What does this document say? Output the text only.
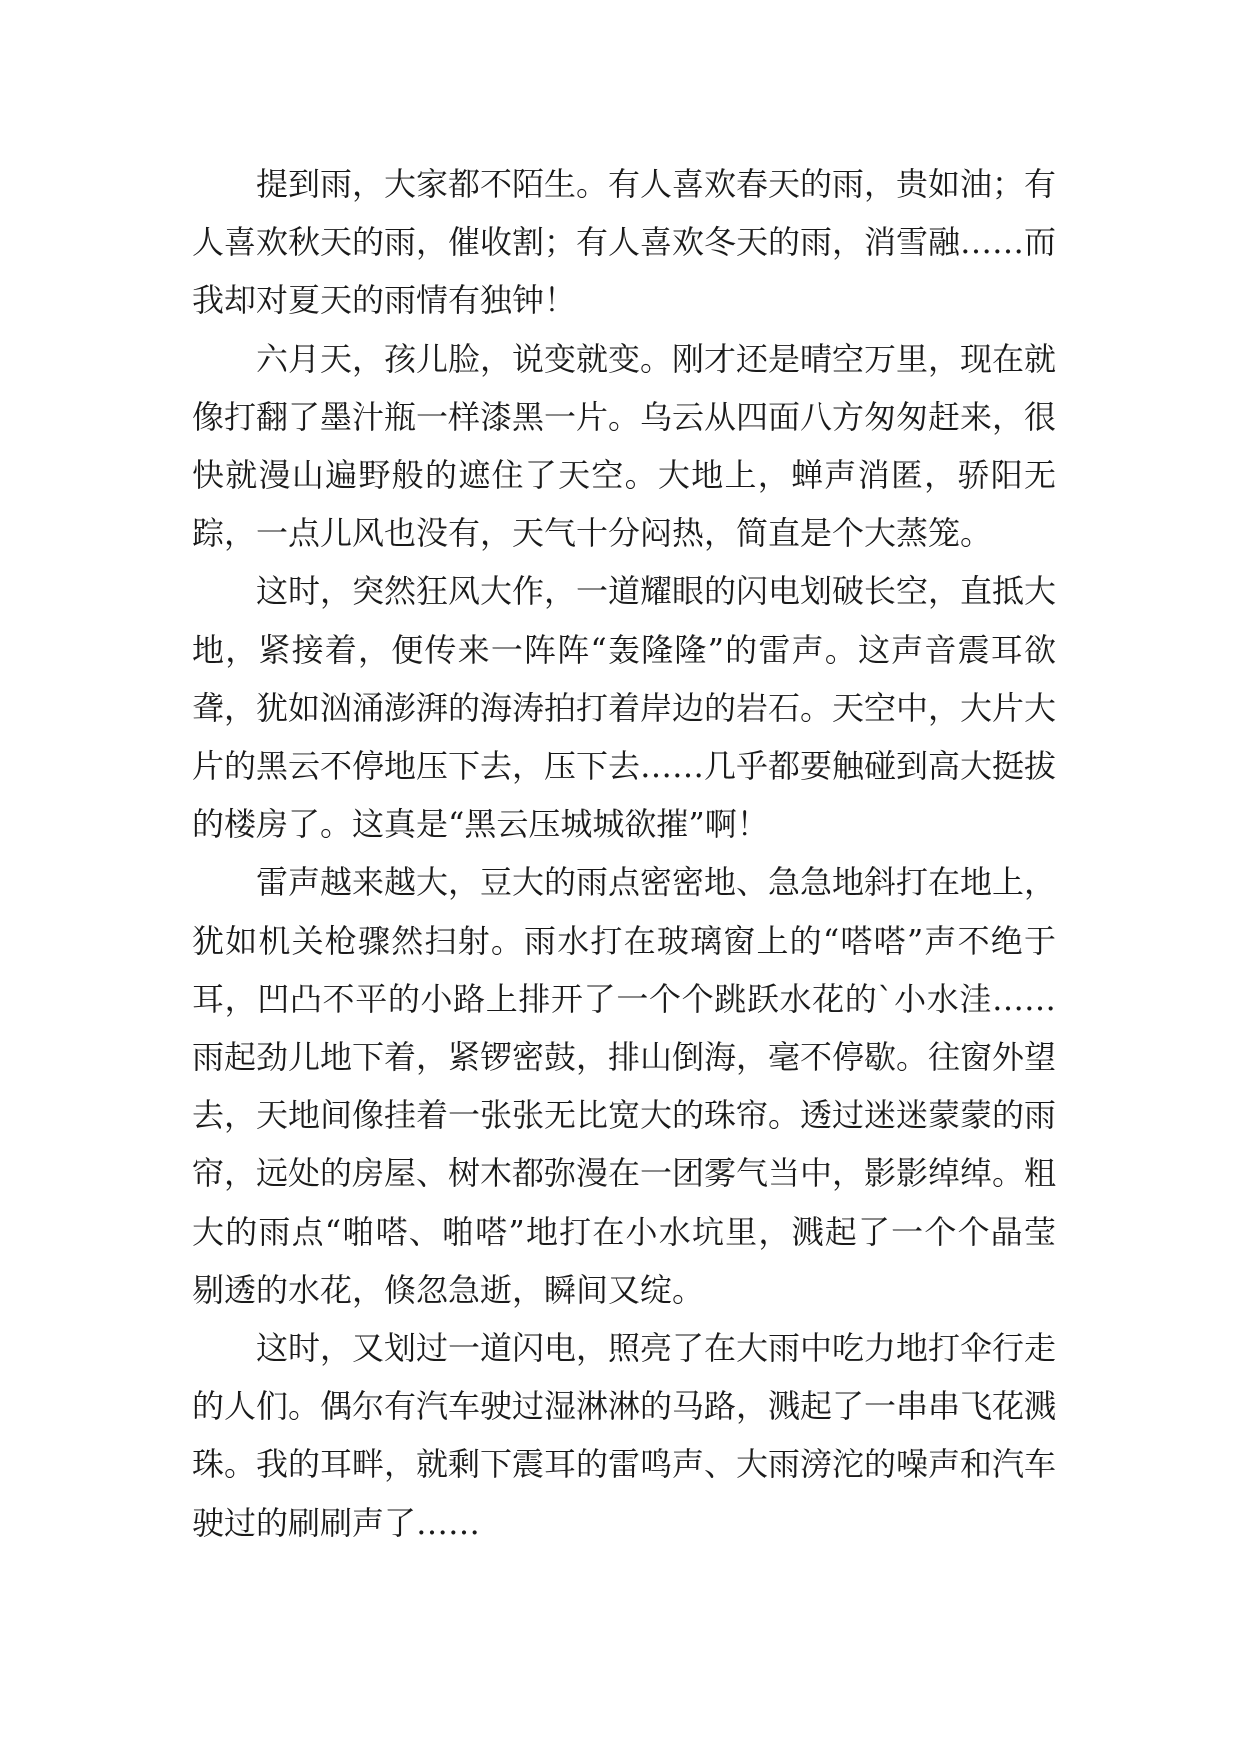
提到雨，大家都不陌生。有人喜欢春天的雨，贵如油；有人喜欢秋天的雨，催收割；有人喜欢冬天的雨，消雪融……而我却对夏天的雨情有独钟！

六月天，孩儿脸，说变就变。刚才还是晴空万里，现在就像打翻了墨汁瓶一样漆黑一片。乌云从四面八方匆匆赶来，很快就漫山遍野般的遮住了天空。大地上，蝉声消匿，骄阳无踪，一点儿风也没有，天气十分闷热，简直是个大蒸笼。

这时，突然狂风大作，一道耀眼的闪电划破长空，直抵大地，紧接着，便传来一阵阵“轰隆隆”的雷声。这声音震耳欲聋，犹如汹涌澎湃的海涛拍打着岸边的岩石。天空中，大片大片的黑云不停地压下去，压下去……几乎都要触碰到高大挺拔的楼房了。这真是“黑云压城城欲摧”啊！

雷声越来越大，豆大的雨点密密地、急急地斜打在地上，犹如机关枪骤然扫射。雨水打在玻璃窗上的“嗒嗒”声不绝于耳，凹凸不平的小路上排开了一个个跳跃水花的`小水洼……雨起劲儿地下着，紧锣密鼓，排山倒海，毫不停歇。往窗外望去，天地间像挂着一张张无比宽大的珠帘。透过迷迷蒙蒙的雨帘，远处的房屋、树木都弥漫在一团雾气当中，影影绰绰。粗大的雨点“啪嗒、啪嗒”地打在小水坑里，溅起了一个个晶莹剔透的水花，倏忽急逝，瞬间又绽。

这时，又划过一道闪电，照亮了在大雨中吃力地打伞行走的人们。偶尔有汽车驶过湿淋淋的马路，溅起了一串串飞花溅珠。我的耳畔，就剩下震耳的雷鸣声、大雨滂沱的噪声和汽车驶过的刷刷声了……
